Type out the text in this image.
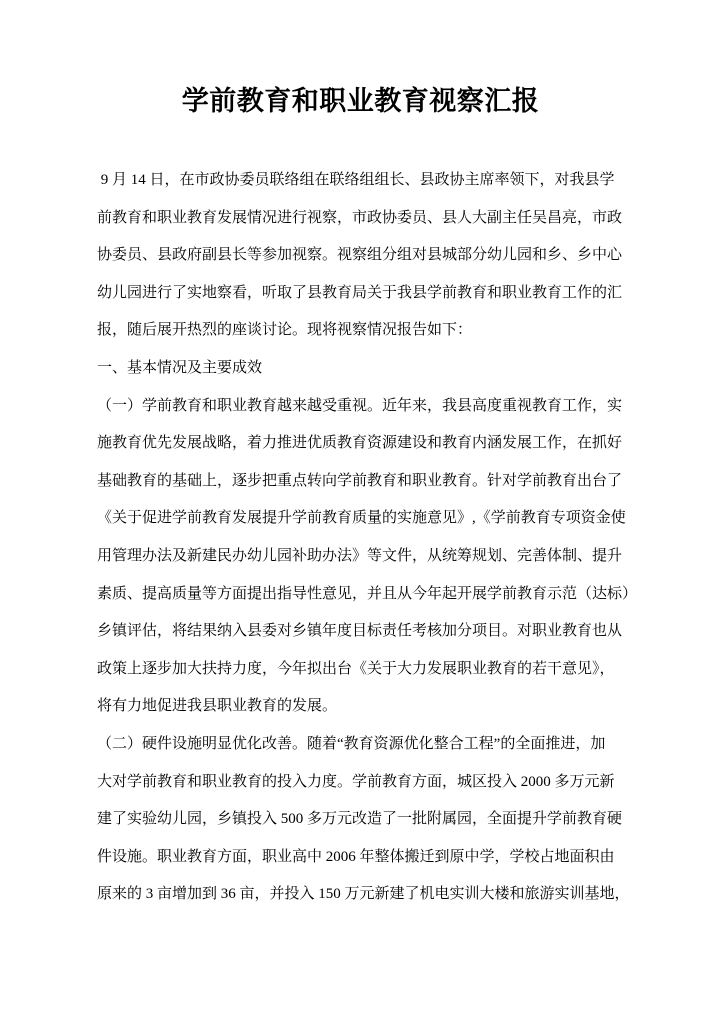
学前教育和职业教育视察汇报
9 月 14 日，在市政协委员联络组在联络组组长、县政协主席率领下，对我县学
前教育和职业教育发展情况进行视察，市政协委员、县人大副主任吴昌亮，市政
协委员、县政府副县长等参加视察。视察组分组对县城部分幼儿园和乡、乡中心
幼儿园进行了实地察看，听取了县教育局关于我县学前教育和职业教育工作的汇
报，随后展开热烈的座谈讨论。现将视察情况报告如下：
一、基本情况及主要成效
（一）学前教育和职业教育越来越受重视。近年来，我县高度重视教育工作，实
施教育优先发展战略，着力推进优质教育资源建设和教育内涵发展工作，在抓好
基础教育的基础上，逐步把重点转向学前教育和职业教育。针对学前教育出台了
《关于促进学前教育发展提升学前教育质量的实施意见》,《学前教育专项资金使
用管理办法及新建民办幼儿园补助办法》等文件，从统筹规划、完善体制、提升
素质、提高质量等方面提出指导性意见，并且从今年起开展学前教育示范（达标）
乡镇评估，将结果纳入县委对乡镇年度目标责任考核加分项目。对职业教育也从
政策上逐步加大扶持力度，今年拟出台《关于大力发展职业教育的若干意见》，
将有力地促进我县职业教育的发展。
（二）硬件设施明显优化改善。随着“教育资源优化整合工程”的全面推进，加
大对学前教育和职业教育的投入力度。学前教育方面，城区投入 2000 多万元新
建了实验幼儿园，乡镇投入 500 多万元改造了一批附属园，全面提升学前教育硬
件设施。职业教育方面，职业高中 2006 年整体搬迁到原中学，学校占地面积由
原来的 3 亩增加到 36 亩，并投入 150 万元新建了机电实训大楼和旅游实训基地，
